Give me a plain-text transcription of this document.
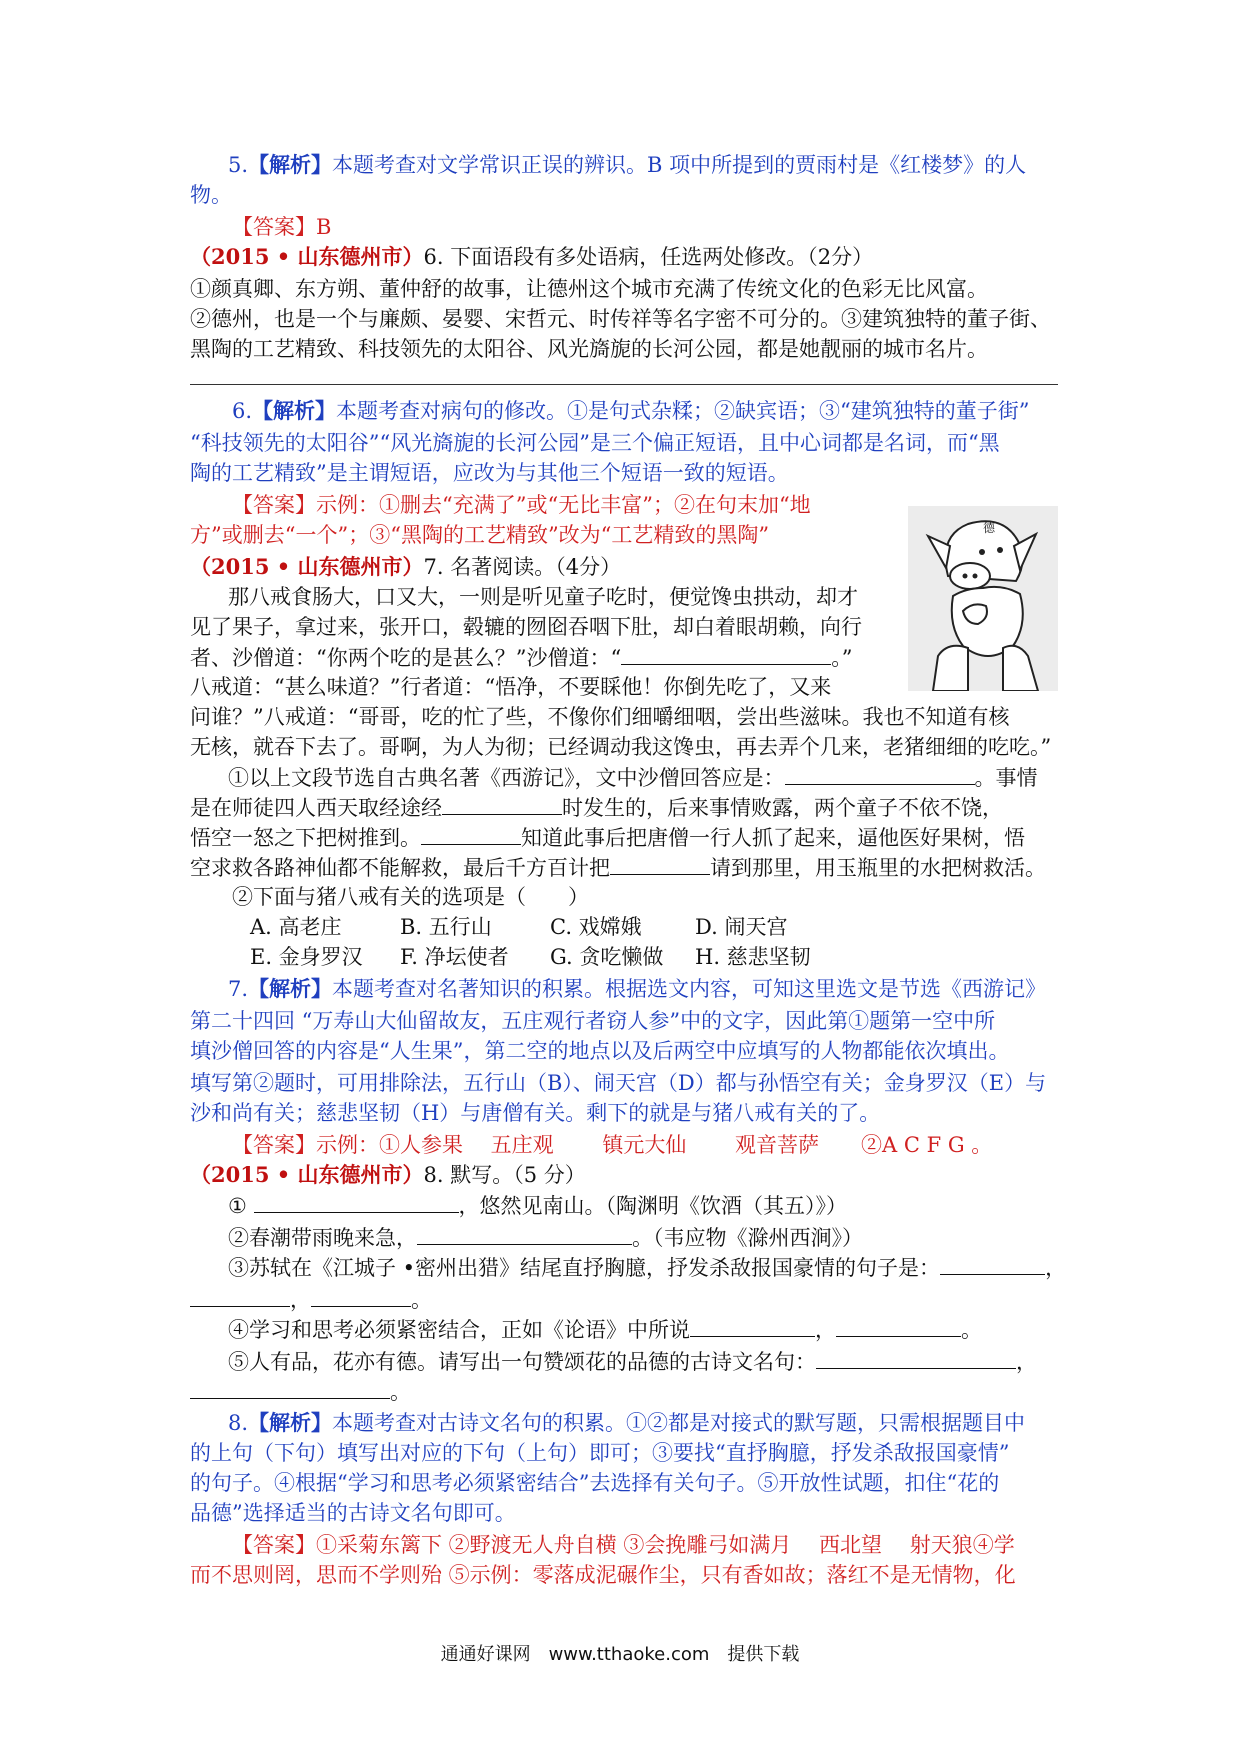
5.【解析】本题考查对文学常识正误的辨识。B 项中所提到的贾雨村是《红楼梦》的人
物。
【答案】B
（2015 • 山东德州市）6. 下面语段有多处语病，任选两处修改。（2分）
①颜真卿、东方朔、董仲舒的故事，让德州这个城市充满了传统文化的色彩无比风富。
②德州，也是一个与廉颇、晏婴、宋哲元、时传祥等名字密不可分的。③建筑独特的董子街、
黑陶的工艺精致、科技领先的太阳谷、风光旖旎的长河公园，都是她靓丽的城市名片。
6.【解析】本题考查对病句的修改。①是句式杂糅；②缺宾语；③“建筑独特的董子街”
“科技领先的太阳谷”“风光旖旎的长河公园”是三个偏正短语，且中心词都是名词，而“黑
陶的工艺精致”是主谓短语，应改为与其他三个短语一致的短语。
【答案】示例：①删去“充满了”或“无比丰富”；②在句末加“地
方”或删去“一个”；③“黑陶的工艺精致”改为“工艺精致的黑陶”
（2015 • 山东德州市）7. 名著阅读。（4分）
那八戒食肠大，口又大，一则是听见童子吃时，便觉馋虫拱动，却才
见了果子，拿过来，张开口，毂辘的囫囵吞咽下肚，却白着眼胡赖，向行
者、沙僧道：“你两个吃的是甚么？”沙僧道：“	。”
八戒道：“甚么味道？”行者道：“悟净，不要睬他！你倒先吃了，又来
问谁？”八戒道：“哥哥，吃的忙了些，不像你们细嚼细咽，尝出些滋味。我也不知道有核
无核，就吞下去了。哥啊，为人为彻；已经调动我这馋虫，再去弄个几来，老猪细细的吃吃。”
①以上文段节选自古典名著《西游记》，文中沙僧回答应是：	。事情
是在师徒四人西天取经途经	时发生的，后来事情败露，两个童子不依不饶，
悟空一怒之下把树推到。	知道此事后把唐僧一行人抓了起来，逼他医好果树，悟
空求救各路神仙都不能解救，最后千方百计把	请到那里，用玉瓶里的水把树救活。
②下面与猪八戒有关的选项是（　　）
A. 高老庄	B. 五行山	C. 戏嫦娥	D. 闹天宫
E. 金身罗汉 F. 净坛使者 G. 贪吃懒做 H. 慈悲坚韧
7.【解析】本题考查对名著知识的积累。根据选文内容，可知这里选文是节选《西游记》
第二十四回 “万寿山大仙留故友，五庄观行者窃人参”中的文字，因此第①题第一空中所
填沙僧回答的内容是“人生果”，第二空的地点以及后两空中应填写的人物都能依次填出。
填写第②题时，可用排除法，五行山（B）、闹天宫（D）都与孙悟空有关；金身罗汉（E）与
沙和尚有关；慈悲坚韧（H）与唐僧有关。剩下的就是与猪八戒有关的了。
【答案】示例：①人参果　 五庄观　　 镇元大仙　　 观音菩萨　　②A C F G 。
（2015 • 山东德州市）8. 默写。（5 分）
①	，悠然见南山。（陶渊明《饮酒（其五）》）
②春潮带雨晚来急，	。（韦应物《滁州西涧》）
③苏轼在《江城子 •密州出猎》结尾直抒胸臆，抒发杀敌报国豪情的句子是：	，
，	。
④学习和思考必须紧密结合，正如《论语》中所说	，	。
⑤人有品，花亦有德。请写出一句赞颂花的品德的古诗文名句：	，
。
8.【解析】本题考查对古诗文名句的积累。①②都是对接式的默写题，只需根据题目中
的上句（下句）填写出对应的下句（上句）即可；③要找“直抒胸臆，抒发杀敌报国豪情”
的句子。④根据“学习和思考必须紧密结合”去选择有关句子。⑤开放性试题，扣住“花的
品德”选择适当的古诗文名句即可。
【答案】①采菊东篱下 ②野渡无人舟自横 ③会挽雕弓如满月　 西北望　 射天狼④学
而不思则罔，思而不学则殆 ⑤示例：零落成泥碾作尘，只有香如故；落红不是无情物，化
德
通通好课网　www.tthaoke.com　提供下载
